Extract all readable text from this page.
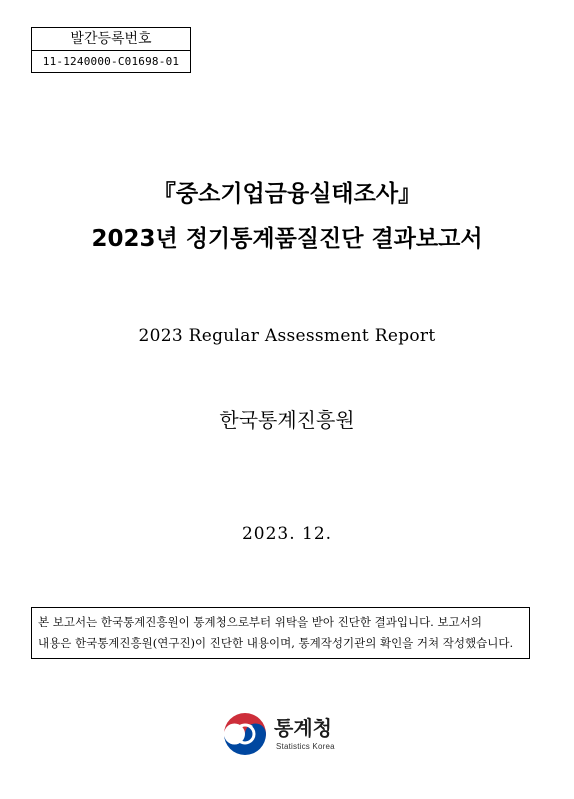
발간등록번호
11-1240000-C01698-01
『중소기업금융실태조사』
2023년 정기통계품질진단 결과보고서
2023 Regular Assessment Report
한국통계진흥원
2023. 12.

본 보고서는 한국통계진흥원이 통계청으로부터 위탁을 받아 진단한 결과입니다. 보고서의

내용은 한국통계진흥원(연구진)이 진단한 내용이며, 통계작성기관의 확인을 거쳐 작성했습니다.

통계청
Statistics Korea
